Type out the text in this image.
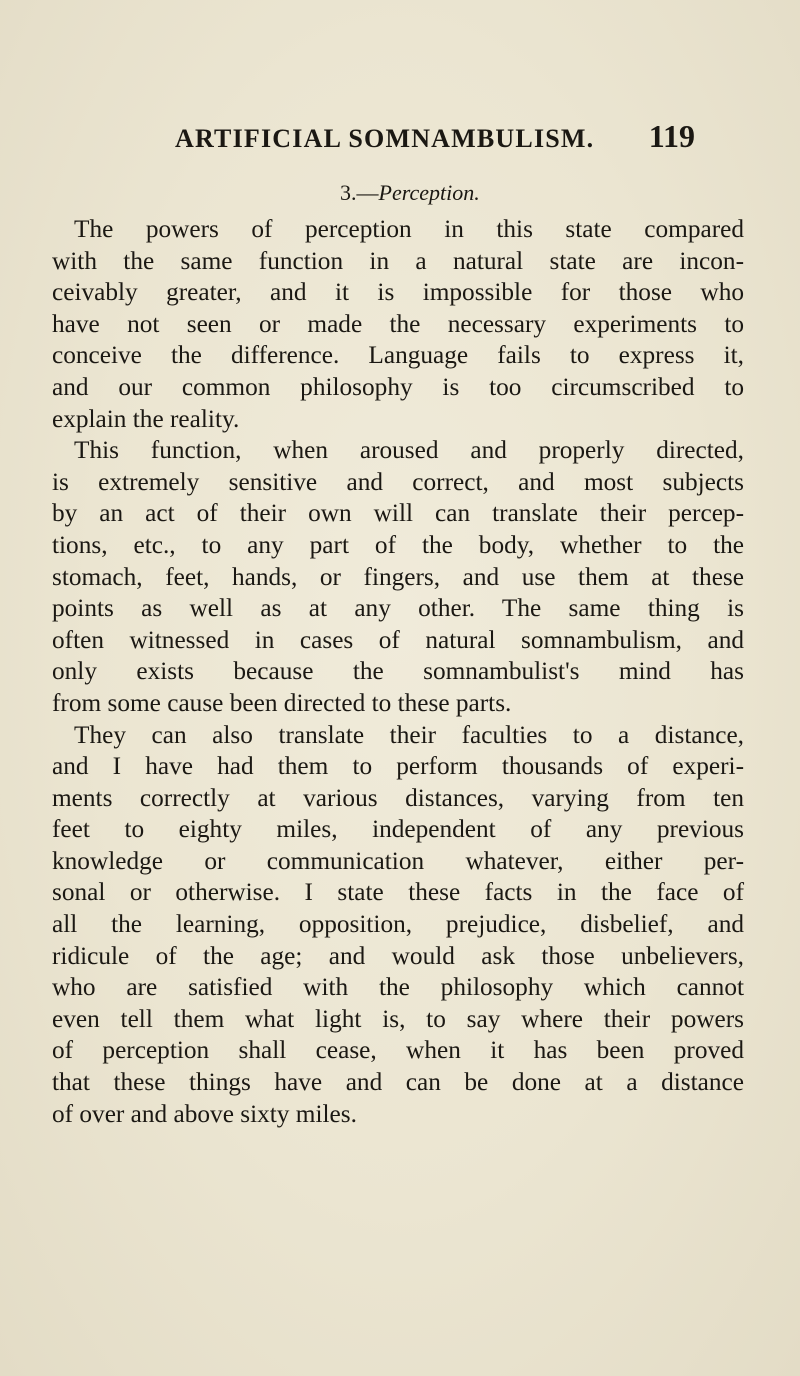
ARTIFICIAL SOMNAMBULISM. 119
3.—Perception.
The powers of perception in this state compared
with the same function in a natural state are incon-
ceivably greater, and it is impossible for those who
have not seen or made the necessary experiments to
conceive the difference. Language fails to express it,
and our common philosophy is too circumscribed to
explain the reality.
This function, when aroused and properly directed,
is extremely sensitive and correct, and most subjects
by an act of their own will can translate their percep-
tions, etc., to any part of the body, whether to the
stomach, feet, hands, or fingers, and use them at these
points as well as at any other. The same thing is
often witnessed in cases of natural somnambulism, and
only exists because the somnambulist's mind has
from some cause been directed to these parts.
They can also translate their faculties to a distance,
and I have had them to perform thousands of experi-
ments correctly at various distances, varying from ten
feet to eighty miles, independent of any previous
knowledge or communication whatever, either per-
sonal or otherwise. I state these facts in the face of
all the learning, opposition, prejudice, disbelief, and
ridicule of the age; and would ask those unbelievers,
who are satisfied with the philosophy which cannot
even tell them what light is, to say where their powers
of perception shall cease, when it has been proved
that these things have and can be done at a distance
of over and above sixty miles.
